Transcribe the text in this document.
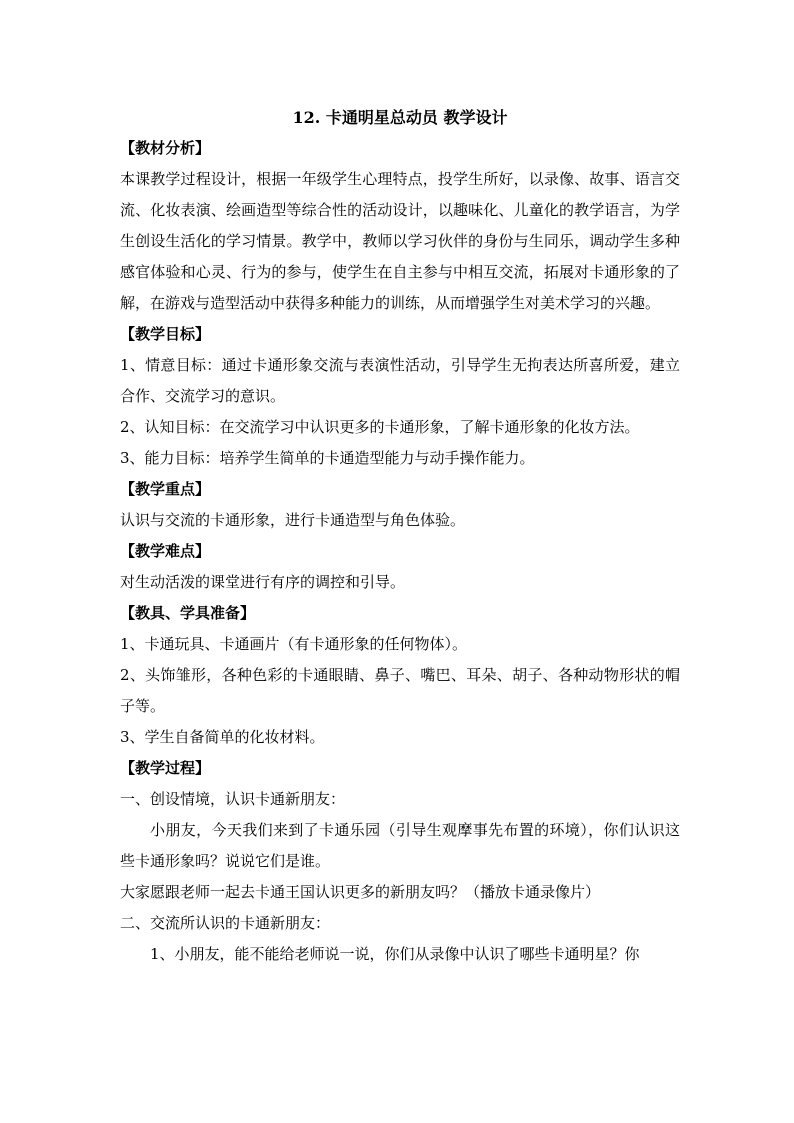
12. 卡通明星总动员 教学设计

【教材分析】

本课教学过程设计，根据一年级学生心理特点，投学生所好，以录像、故事、语言交流、化妆表演、绘画造型等综合性的活动设计，以趣味化、儿童化的教学语言，为学生创设生活化的学习情景。教学中，教师以学习伙伴的身份与生同乐，调动学生多种感官体验和心灵、行为的参与，使学生在自主参与中相互交流，拓展对卡通形象的了解，在游戏与造型活动中获得多种能力的训练，从而增强学生对美术学习的兴趣。

【教学目标】

1、情意目标：通过卡通形象交流与表演性活动，引导学生无拘表达所喜所爱，建立合作、交流学习的意识。

2、认知目标：在交流学习中认识更多的卡通形象，了解卡通形象的化妆方法。

3、能力目标：培养学生简单的卡通造型能力与动手操作能力。

【教学重点】

认识与交流的卡通形象，进行卡通造型与角色体验。

【教学难点】

对生动活泼的课堂进行有序的调控和引导。

【教具、学具准备】

1、卡通玩具、卡通画片（有卡通形象的任何物体）。

2、头饰雏形，各种色彩的卡通眼睛、鼻子、嘴巴、耳朵、胡子、各种动物形状的帽子等。

3、学生自备简单的化妆材料。

【教学过程】

一、创设情境，认识卡通新朋友：

小朋友，今天我们来到了卡通乐园（引导生观摩事先布置的环境），你们认识这些卡通形象吗？说说它们是谁。

大家愿跟老师一起去卡通王国认识更多的新朋友吗？（播放卡通录像片）

二、交流所认识的卡通新朋友：

1、小朋友，能不能给老师说一说，你们从录像中认识了哪些卡通明星？你
